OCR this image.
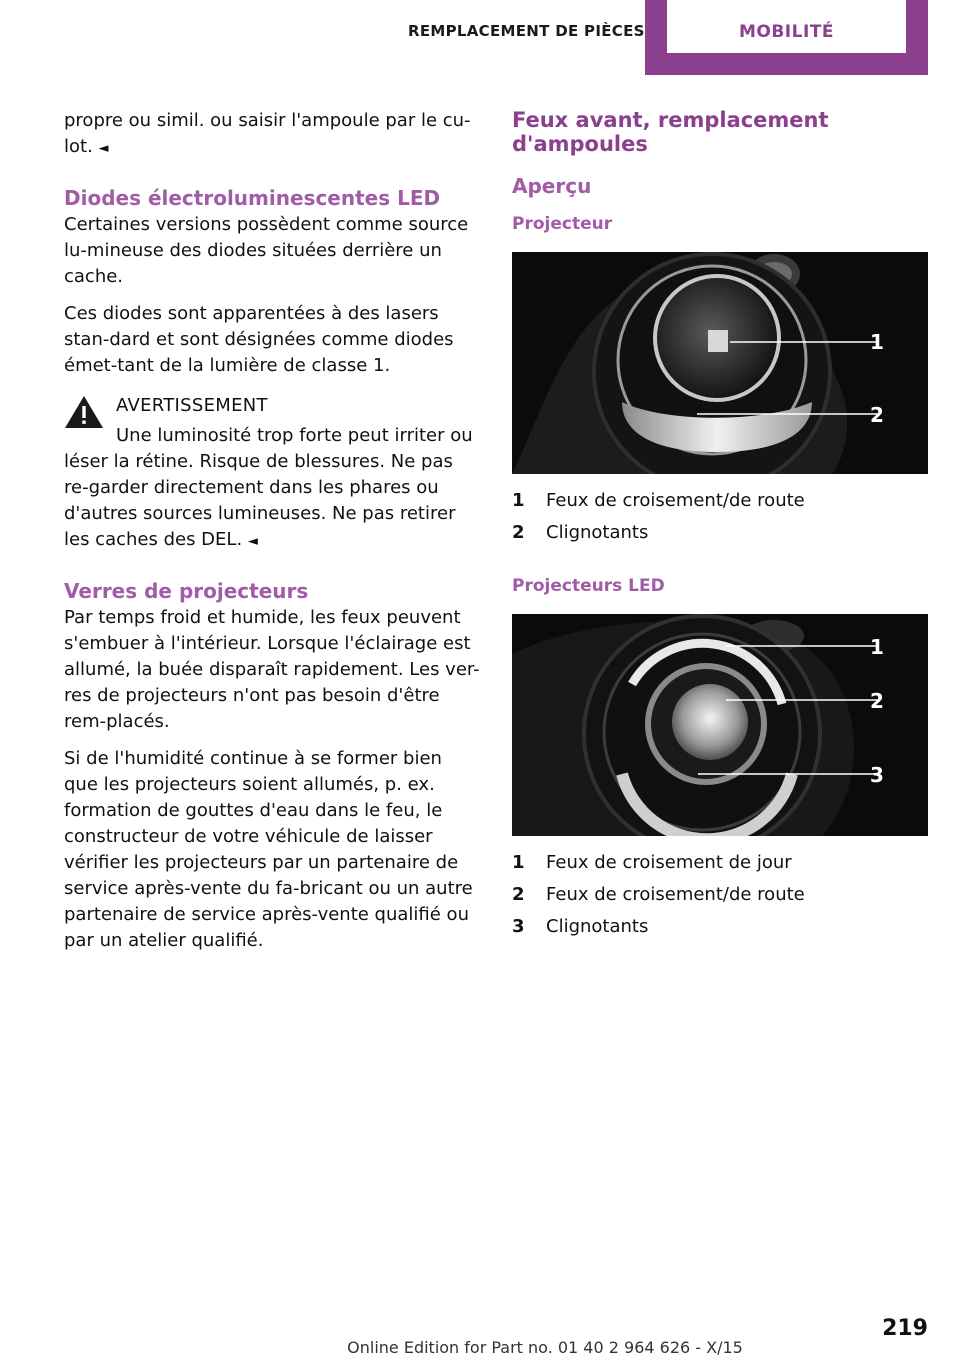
REMPLACEMENT DE PIÈCES	MOBILITÉ

propre ou simil. ou saisir l'ampoule par le cu-lot. ◄

Diodes électroluminescentes LED

Certaines versions possèdent comme source lu-mineuse des diodes situées derrière un cache.

Ces diodes sont apparentées à des lasers stan-dard et sont désignées comme diodes émet-tant de la lumière de classe 1.

AVERTISSEMENT

Une luminosité trop forte peut irriter ou léser la rétine. Risque de blessures. Ne pas re-garder directement dans les phares ou d'autres sources lumineuses. Ne pas retirer les caches des DEL. ◄

Verres de projecteurs

Par temps froid et humide, les feux peuvent s'embuer à l'intérieur. Lorsque l'éclairage est allumé, la buée disparaît rapidement. Les ver-res de projecteurs n'ont pas besoin d'être rem-placés.

Si de l'humidité continue à se former bien que les projecteurs soient allumés, p. ex. formation de gouttes d'eau dans le feu, le constructeur de votre véhicule de laisser vérifier les projecteurs par un partenaire de service après-vente du fa-bricant ou un autre partenaire de service après-vente qualifié ou par un atelier qualifié.

Feux avant, remplacement d'ampoules
Aperçu
Projecteur
1
2
1 Feux de croisement/de route
2 Clignotants
Projecteurs LED
1
2
3
1 Feux de croisement de jour
2 Feux de croisement/de route
3 Clignotants
219
Online Edition for Part no. 01 40 2 964 626 - X/15
